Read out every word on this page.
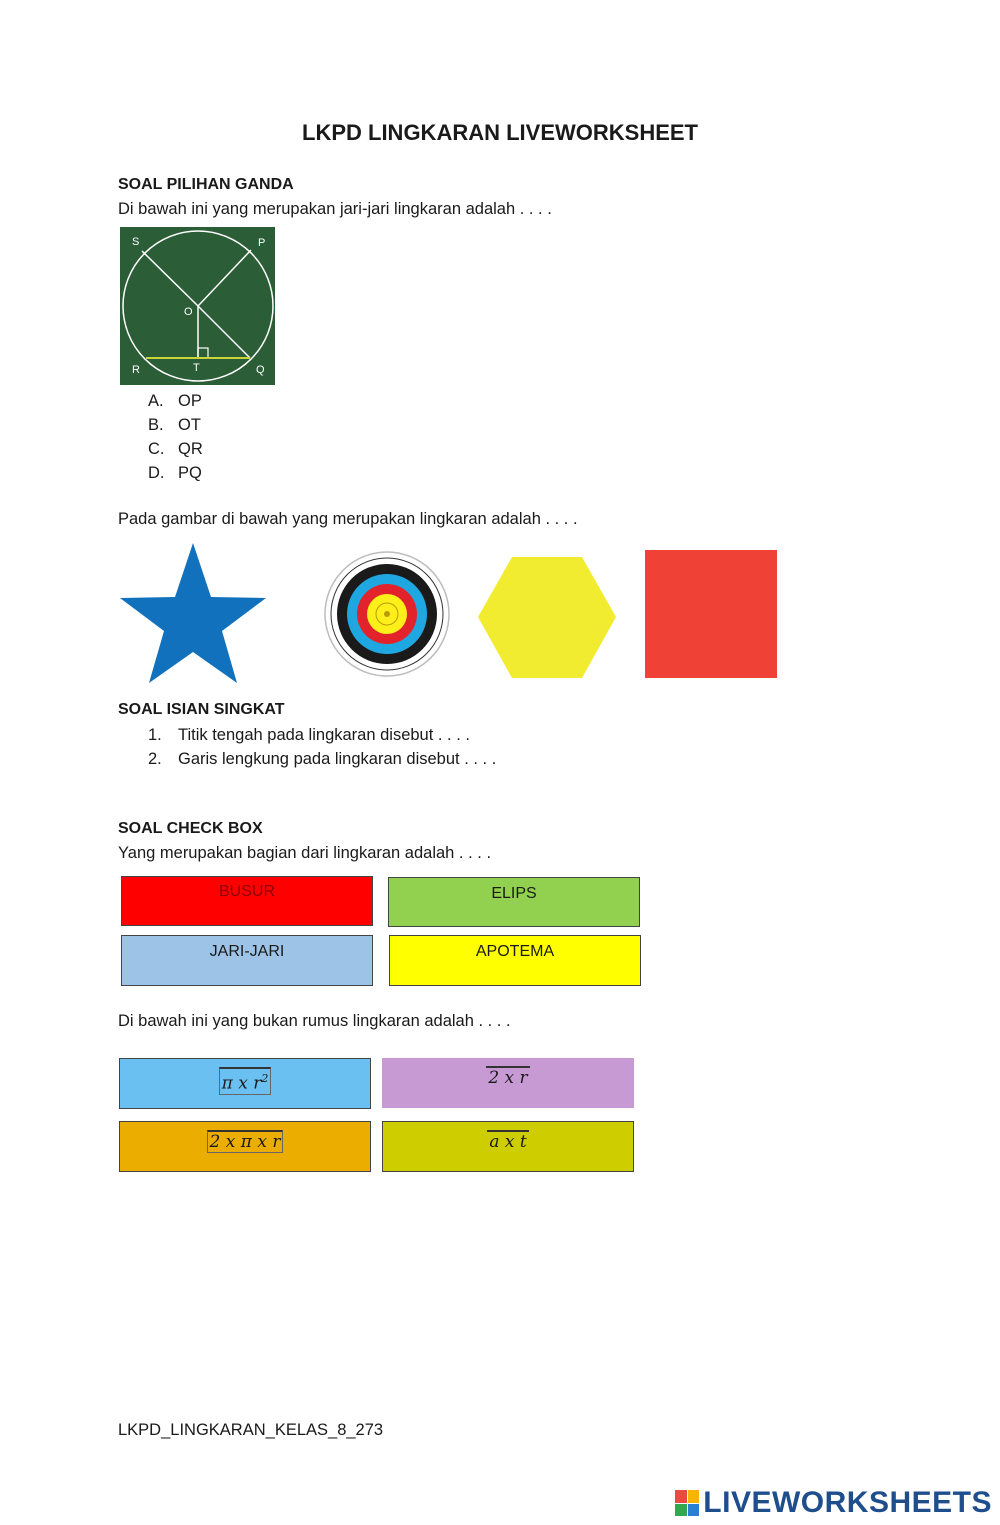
LKPD LINGKARAN LIVEWORKSHEET
SOAL PILIHAN GANDA
Di bawah ini yang merupakan jari-jari lingkaran adalah . . . .
S	P
O
R	T	Q
A. OP
B. OT
C. QR
D. PQ
Pada gambar di bawah yang merupakan lingkaran adalah . . . .
SOAL ISIAN SINGKAT
1. Titik tengah pada lingkaran disebut . . . .
2. Garis lengkung pada lingkaran disebut . . . .
SOAL CHECK BOX
Yang merupakan bagian dari lingkaran adalah . . . .
BUSUR	ELIPS
JARI-JARI	APOTEMA
Di bawah ini yang bukan rumus lingkaran adalah . . . .
π x $r^2$	2 x r
2 x π x r	a x t
LKPD_LINGKARAN_KELAS_8_273
LIVEWORKSHEETS
